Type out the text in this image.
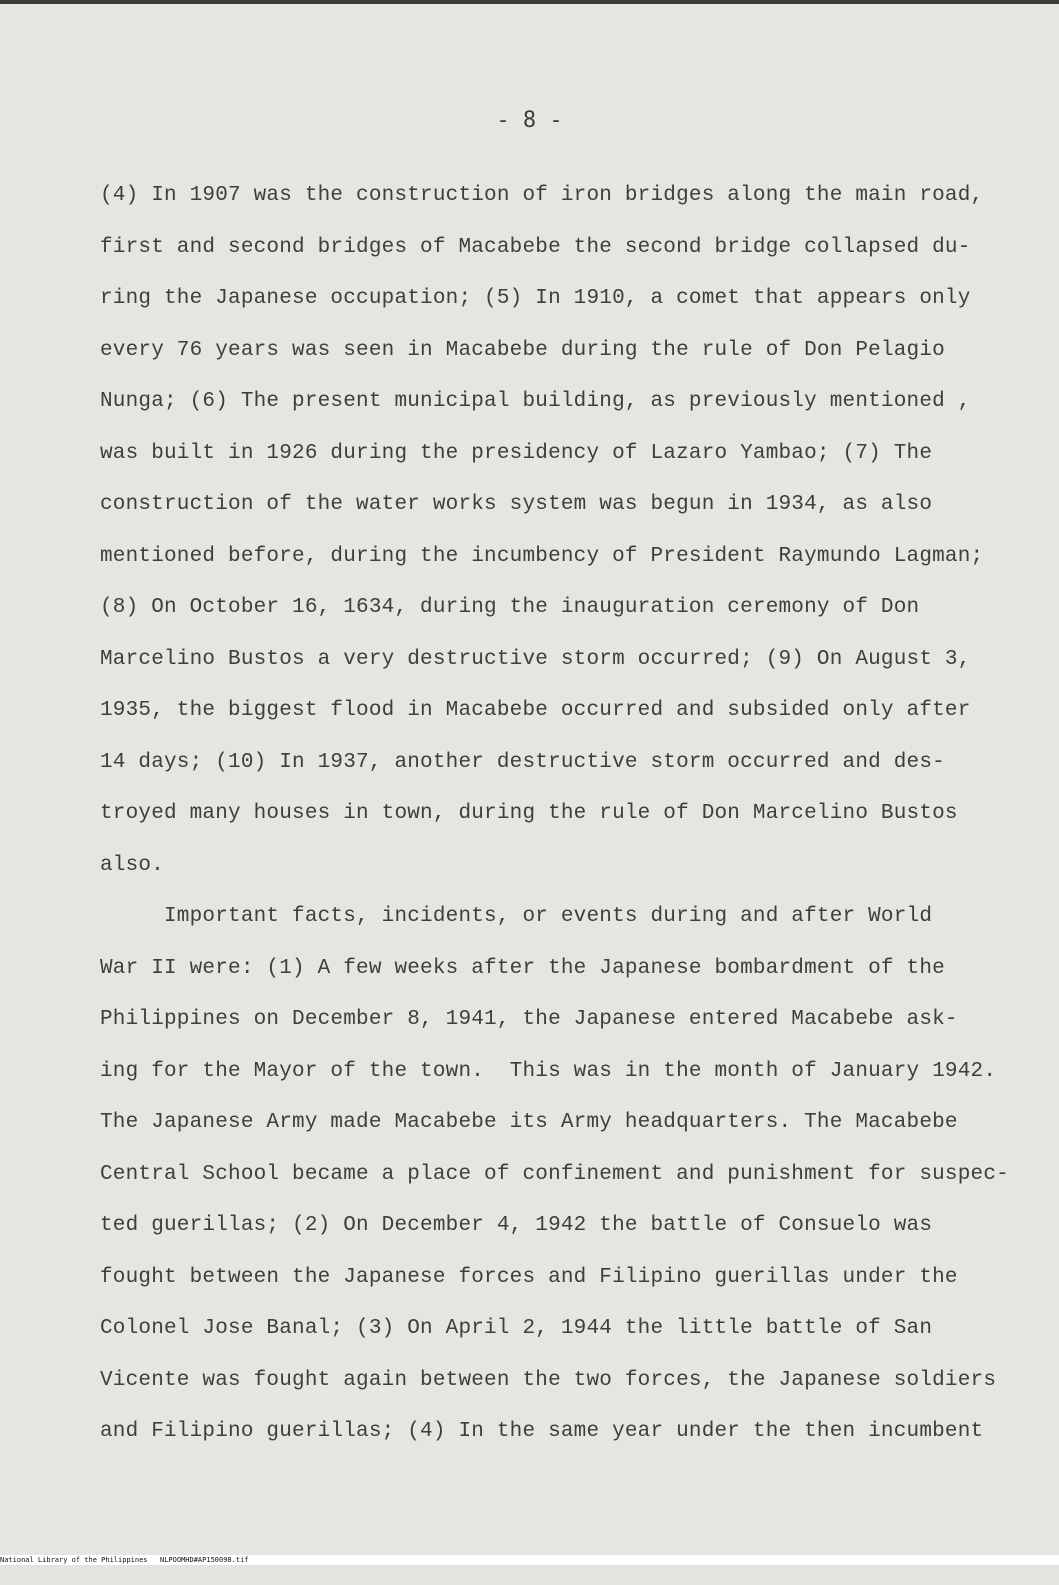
- 8 -
(4) In 1907 was the construction of iron bridges along the main road,
first and second bridges of Macabebe the second bridge collapsed du-
ring the Japanese occupation; (5) In 1910, a comet that appears only
every 76 years was seen in Macabebe during the rule of Don Pelagio
Nunga; (6) The present municipal building, as previously mentioned ,
was built in 1926 during the presidency of Lazaro Yambao; (7) The
construction of the water works system was begun in 1934, as also
mentioned before, during the incumbency of President Raymundo Lagman;
(8) On October 16, 1634, during the inauguration ceremony of Don
Marcelino Bustos a very destructive storm occurred; (9) On August 3,
1935, the biggest flood in Macabebe occurred and subsided only after
14 days; (10) In 1937, another destructive storm occurred and des-
troyed many houses in town, during the rule of Don Marcelino Bustos
also.
Important facts, incidents, or events during and after World
War II were: (1) A few weeks after the Japanese bombardment of the
Philippines on December 8, 1941, the Japanese entered Macabebe ask-
ing for the Mayor of the town.  This was in the month of January 1942.
The Japanese Army made Macabebe its Army headquarters. The Macabebe
Central School became a place of confinement and punishment for suspec-
ted guerillas; (2) On December 4, 1942 the battle of Consuelo was
fought between the Japanese forces and Filipino guerillas under the
Colonel Jose Banal; (3) On April 2, 1944 the little battle of San
Vicente was fought again between the two forces, the Japanese soldiers
and Filipino guerillas; (4) In the same year under the then incumbent

National Library of the Philippines

NLPOOMHD#AP150098.tif
